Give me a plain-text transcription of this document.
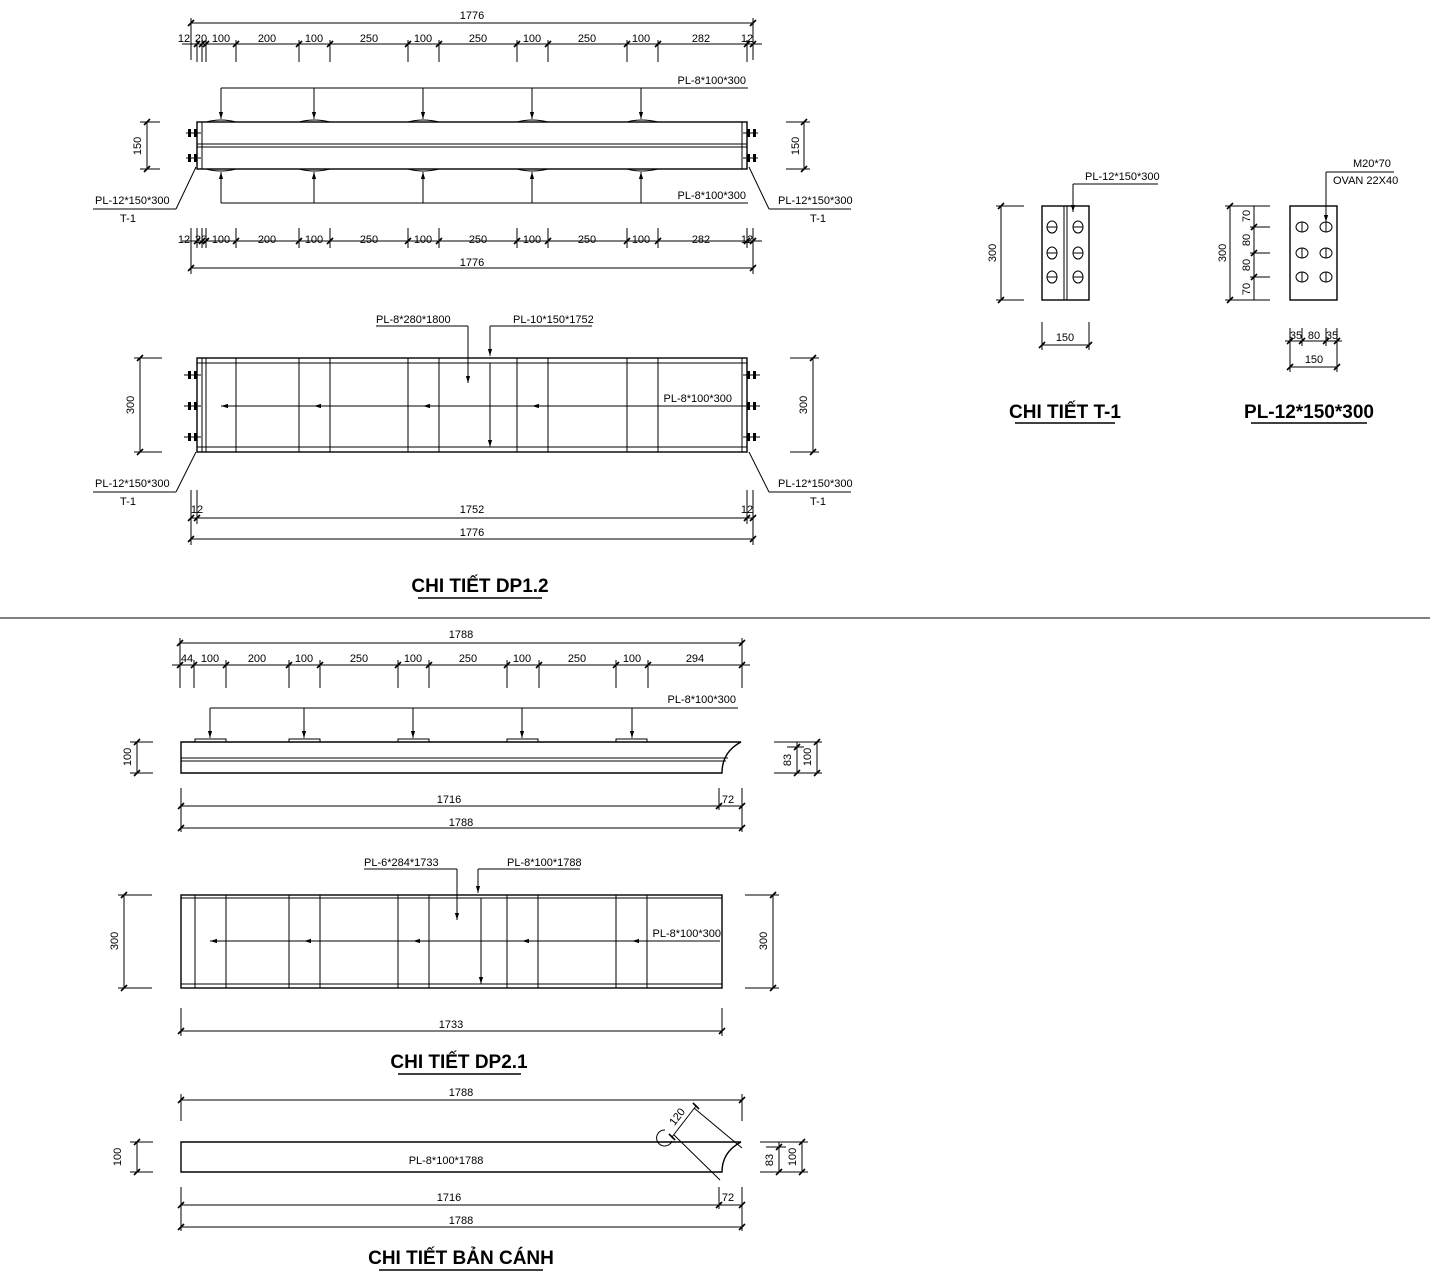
1776
12 20 100	200	100	250	100	250	100	250	100	282	12
PL-8*100*300
PL-8*100*300
150	150
PL-12*150*300
T-1
PL-12*150*300
T-1
12 20 100	200	100	250	100	250	100	250	100	282	12
1776
PL-8*280*1800	PL-10*150*1752
PL-8*100*300
300	300
PL-12*150*300
T-1
PL-12*150*300
T-1
12	12
1752
1776
CHI TIẾT DP1.2
PL-12*150*300
300
150
CHI TIẾT T-1
M20*70
OVAN 22X40
300
70
80
80
70
35 80 35
150
PL-12*150*300
1788
44 100	200	100	250	100	250	100	250	100	294
PL-8*100*300
100	83 100
1716	72
1788
PL-6*284*1733	PL-8*100*1788
PL-8*100*300
300	300
1733
CHI TIẾT DP2.1
1788
PL-8*100*1788
120
100	83 100
1716	72
1788
CHI TIẾT BẢN CÁNH
